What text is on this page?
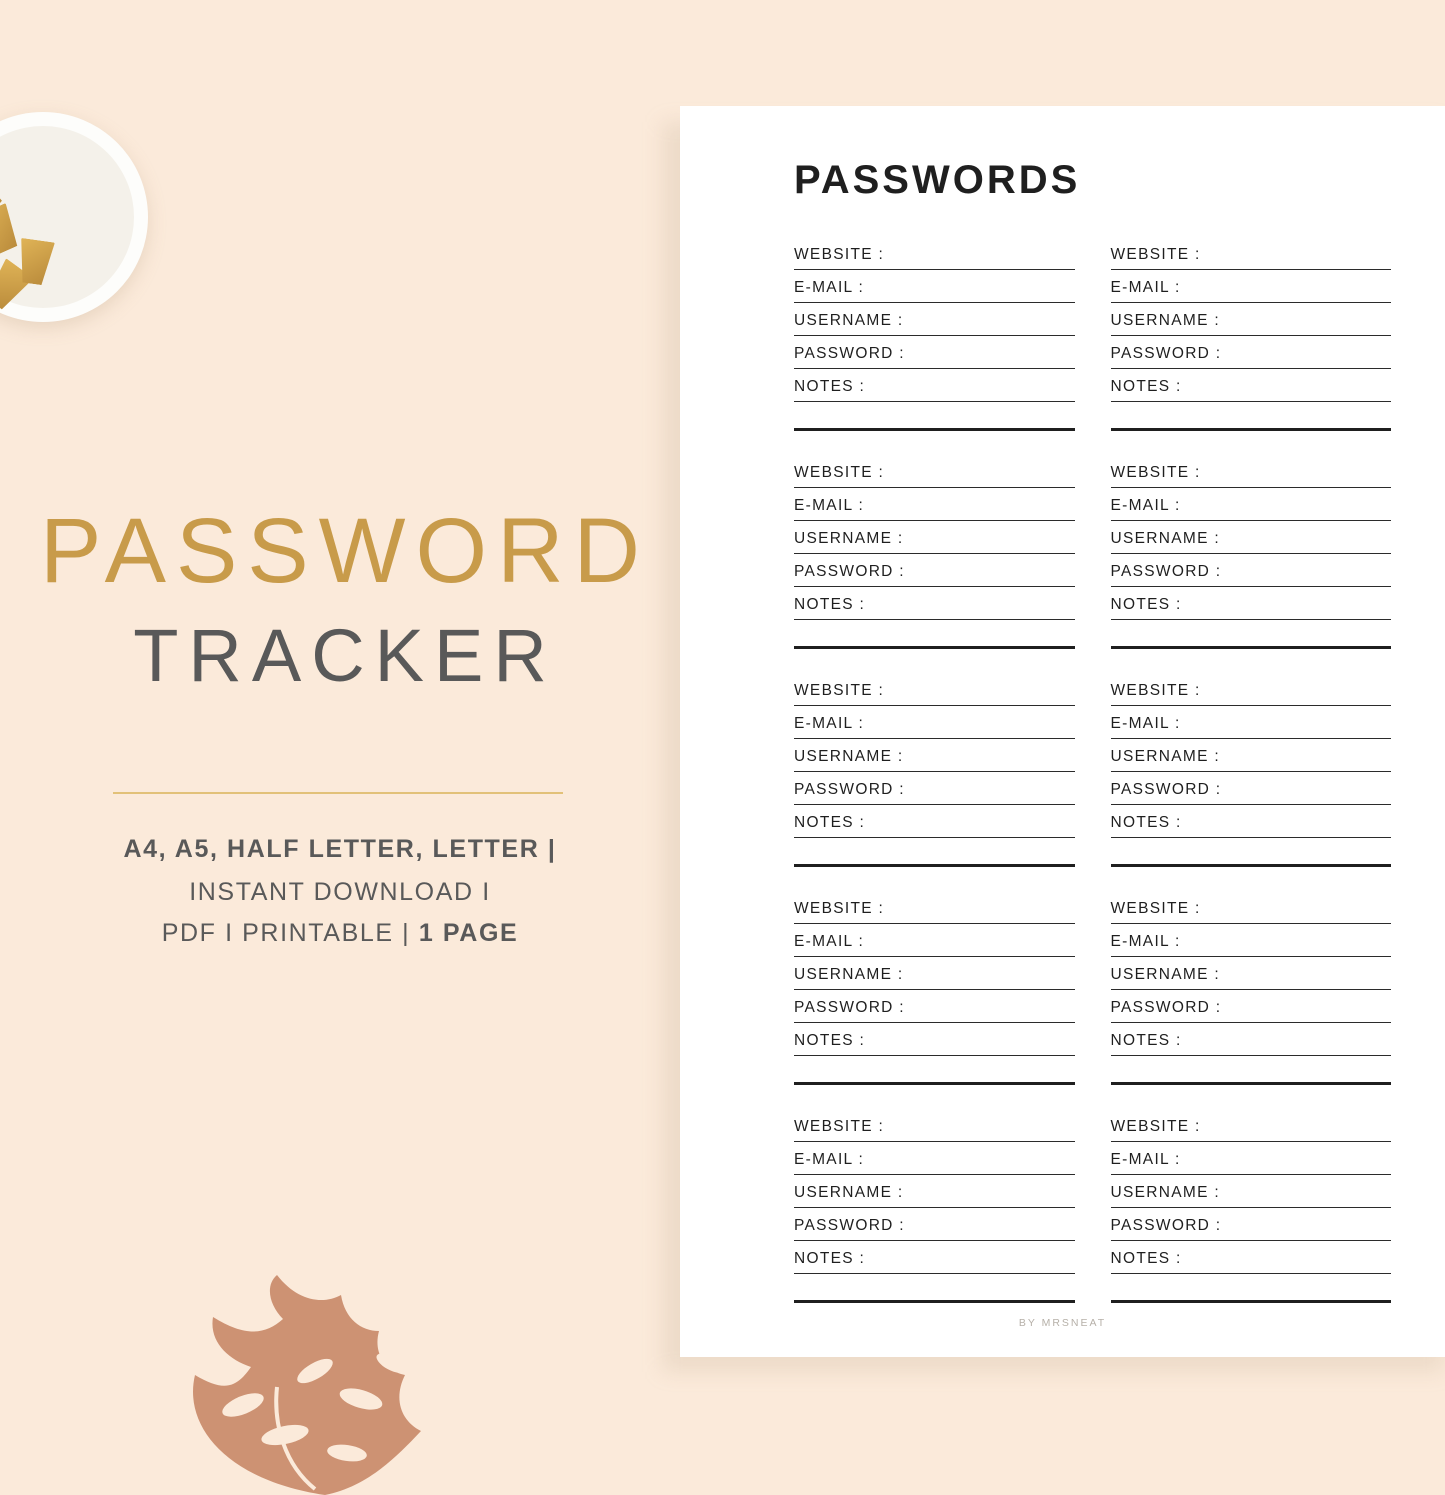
PASSWORD
TRACKER
A4, A5, HALF LETTER, LETTER |
INSTANT DOWNLOAD I
PDF I PRINTABLE | 1 PAGE
PASSWORDS
WEBSITE :
E-MAIL :
USERNAME :
PASSWORD :
NOTES :
WEBSITE :
E-MAIL :
USERNAME :
PASSWORD :
NOTES :
WEBSITE :
E-MAIL :
USERNAME :
PASSWORD :
NOTES :
WEBSITE :
E-MAIL :
USERNAME :
PASSWORD :
NOTES :
WEBSITE :
E-MAIL :
USERNAME :
PASSWORD :
NOTES :
WEBSITE :
E-MAIL :
USERNAME :
PASSWORD :
NOTES :
WEBSITE :
E-MAIL :
USERNAME :
PASSWORD :
NOTES :
WEBSITE :
E-MAIL :
USERNAME :
PASSWORD :
NOTES :
WEBSITE :
E-MAIL :
USERNAME :
PASSWORD :
NOTES :
WEBSITE :
E-MAIL :
USERNAME :
PASSWORD :
NOTES :
BY MRSNEAT
